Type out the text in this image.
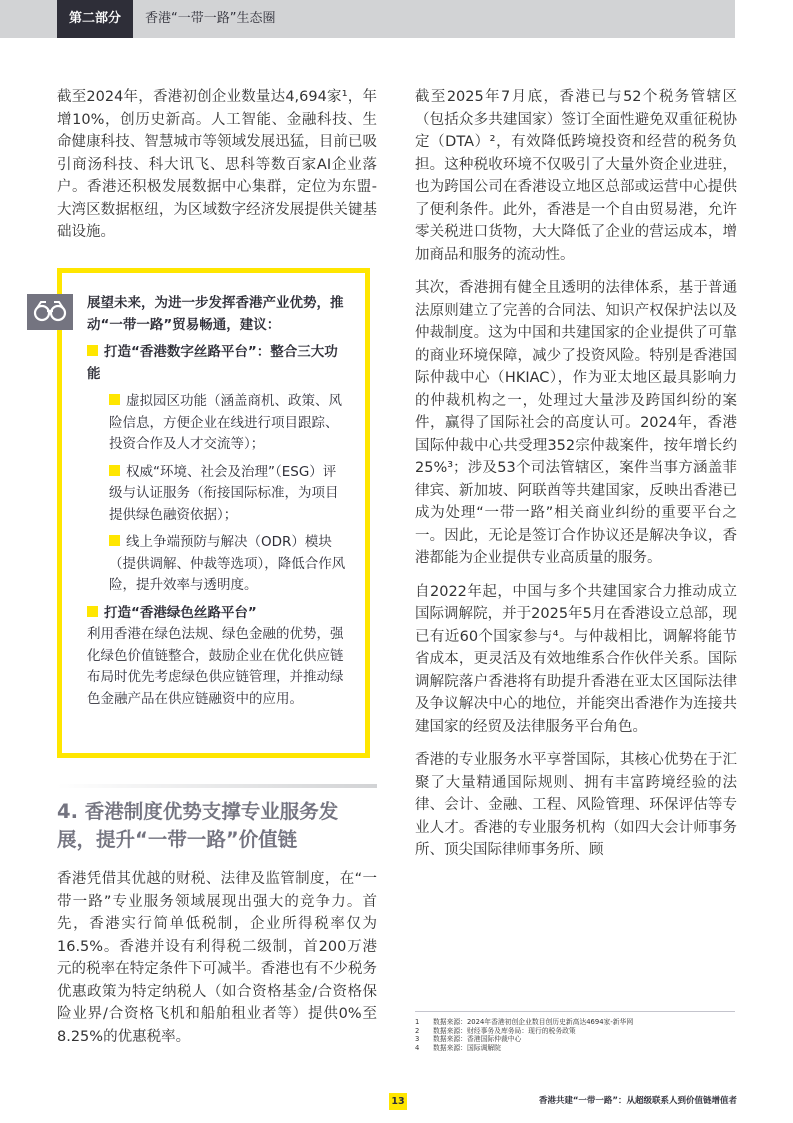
第二部分	香港“一带一路”生态圈

截至2024年，香港初创企业数量达4,694家¹，年增10%，创历史新高。人工智能、金融科技、生命健康科技、智慧城市等领域发展迅猛，目前已吸引商汤科技、科大讯飞、思科等数百家AI企业落户。香港还积极发展数据中心集群，定位为东盟-大湾区数据枢纽，为区域数字经济发展提供关键基础设施。

展望未来，为进一步发挥香港产业优势，推动“一带一路”贸易畅通，建议：

打造“香港数字丝路平台”：整合三大功能

虚拟园区功能（涵盖商机、政策、风险信息，方便企业在线进行项目跟踪、投资合作及人才交流等）；

权威“环境、社会及治理”（ESG）评级与认证服务（衔接国际标准，为项目提供绿色融资依据）；

线上争端预防与解决（ODR）模块（提供调解、仲裁等选项），降低合作风险，提升效率与透明度。

打造“香港绿色丝路平台”

利用香港在绿色法规、绿色金融的优势，强化绿色价值链整合，鼓励企业在优化供应链布局时优先考虑绿色供应链管理，并推动绿色金融产品在供应链融资中的应用。

4. 香港制度优势支撑专业服务发展，提升“一带一路”价值链

香港凭借其优越的财税、法律及监管制度，在“一带一路”专业服务领域展现出强大的竞争力。首先，香港实行简单低税制，企业所得税率仅为16.5%。香港并设有利得税二级制，首200万港元的税率在特定条件下可减半。香港也有不少税务优惠政策为特定纳税人（如合资格基金/合资格保险业界/合资格飞机和船舶租业者等）提供0%至8.25%的优惠税率。

截至2025年7月底，香港已与52个税务管辖区（包括众多共建国家）签订全面性避免双重征税协定（DTA）²，有效降低跨境投资和经营的税务负担。这种税收环境不仅吸引了大量外资企业进驻，也为跨国公司在香港设立地区总部或运营中心提供了便利条件。此外，香港是一个自由贸易港，允许零关税进口货物，大大降低了企业的营运成本，增加商品和服务的流动性。

其次，香港拥有健全且透明的法律体系，基于普通法原则建立了完善的合同法、知识产权保护法以及仲裁制度。这为中国和共建国家的企业提供了可靠的商业环境保障，减少了投资风险。特别是香港国际仲裁中心（HKIAC），作为亚太地区最具影响力的仲裁机构之一，处理过大量涉及跨国纠纷的案件，赢得了国际社会的高度认可。2024年，香港国际仲裁中心共受理352宗仲裁案件，按年增长约25%³；涉及53个司法管辖区，案件当事方涵盖菲律宾、新加坡、阿联酋等共建国家，反映出香港已成为处理“一带一路”相关商业纠纷的重要平台之一。因此，无论是签订合作协议还是解决争议，香港都能为企业提供专业高质量的服务。

自2022年起，中国与多个共建国家合力推动成立国际调解院，并于2025年5月在香港设立总部，现已有近60个国家参与⁴。与仲裁相比，调解将能节省成本，更灵活及有效地维系合作伙伴关系。国际调解院落户香港将有助提升香港在亚太区国际法律及争议解决中心的地位，并能突出香港作为连接共建国家的经贸及法律服务平台角色。

香港的专业服务水平享誉国际，其核心优势在于汇聚了大量精通国际规则、拥有丰富跨境经验的法律、会计、金融、工程、风险管理、环保评估等专业人才。香港的专业服务机构（如四大会计师事务所、顶尖国际律师事务所、顾

1	数据来源：2024年香港初创企业数目创历史新高达4694家-新华网
2	数据来源：财经事务及库务局：现行的税务政策
3	数据来源：香港国际仲裁中心
4	数据来源：国际调解院
13	香港共建“一带一路”：从超级联系人到价值链增值者
